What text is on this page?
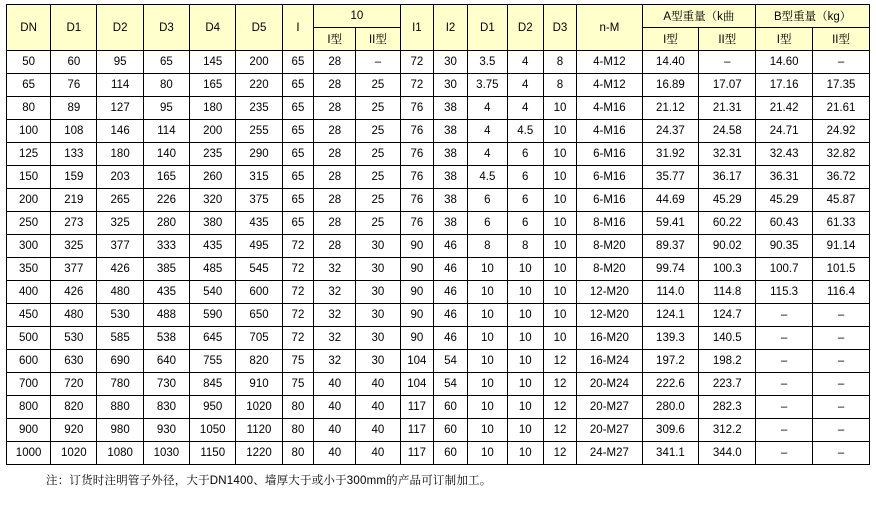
DN	D1	D2	D3	D4	D5	I	10		I1	I2	D1	D2	D3	n-M	A型重量（k曲		B型重量（kg）	
							I型	II型							I型	II型	I型	II型
50	60	95	65	145	200	65	28	–	72	30	3.5	4	8	4-M12	14.40	–	14.60	–
65	76	114	80	165	220	65	28	25	72	30	3.75	4	8	4-M12	16.89	17.07	17.16	17.35
80	89	127	95	180	235	65	28	25	76	38	4	4	10	4-M16	21.12	21.31	21.42	21.61
100	108	146	114	200	255	65	28	25	76	38	4	4.5	10	4-M16	24.37	24.58	24.71	24.92
125	133	180	140	235	290	65	28	25	76	38	4	6	10	6-M16	31.92	32.31	32.43	32.82
150	159	203	165	260	315	65	28	25	76	38	4.5	6	10	6-M16	35.77	36.17	36.31	36.72
200	219	265	226	320	375	65	28	25	76	38	6	6	10	6-M16	44.69	45.29	45.29	45.87
250	273	325	280	380	435	65	28	25	76	38	6	6	10	8-M16	59.41	60.22	60.43	61.33
300	325	377	333	435	495	72	28	30	90	46	8	8	10	8-M20	89.37	90.02	90.35	91.14
350	377	426	385	485	545	72	32	30	90	46	10	10	10	8-M20	99.74	100.3	100.7	101.5
400	426	480	435	540	600	72	32	30	90	46	10	10	10	12-M20	114.0	114.8	115.3	116.4
450	480	530	488	590	650	72	32	30	90	46	10	10	10	12-M20	124.1	124.7	–	–
500	530	585	538	645	705	72	32	30	90	46	10	10	10	16-M20	139.3	140.5	–	–
600	630	690	640	755	820	75	32	30	104	54	10	10	12	16-M24	197.2	198.2	–	–
700	720	780	730	845	910	75	40	40	104	54	10	10	12	20-M24	222.6	223.7	–	–
800	820	880	830	950	1020	80	40	40	117	60	10	10	12	20-M27	280.0	282.3	–	–
900	920	980	930	1050	1120	80	40	40	117	60	10	10	12	20-M27	309.6	312.2	–	–
1000	1020	1080	1030	1150	1220	80	40	40	117	60	10	10	12	24-M27	341.1	344.0	–	–
注：订货时注明管子外径，大于DN1400、墙厚大于或小于300mm的产品可订制加工。
